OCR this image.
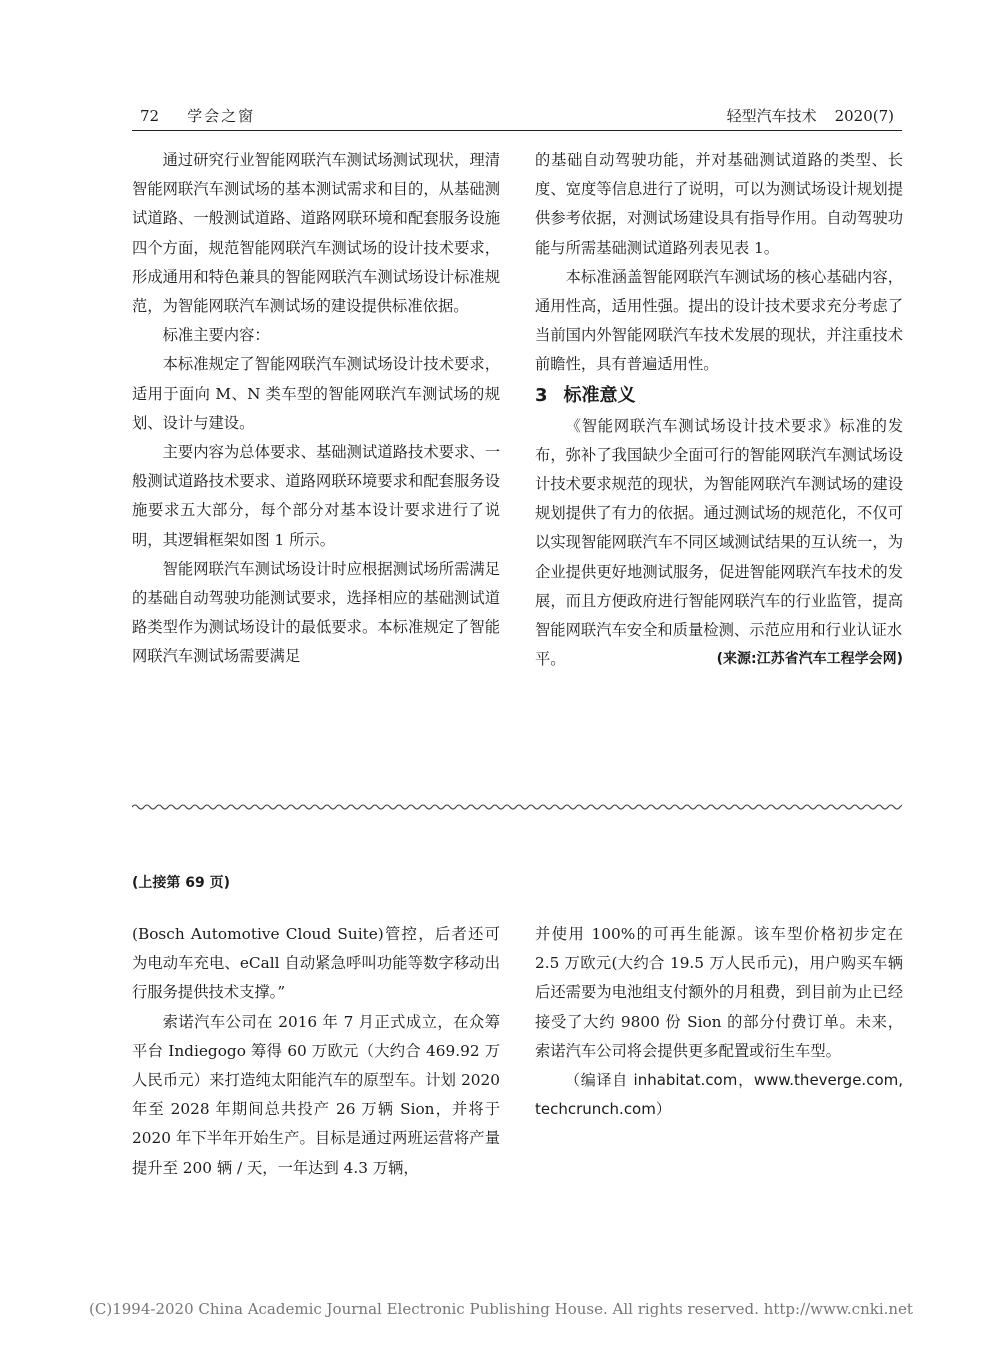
72 学会之窗	轻型汽车技术 2020(7)

通过研究行业智能网联汽车测试场测试现状，理清智能网联汽车测试场的基本测试需求和目的，从基础测试道路、一般测试道路、道路网联环境和配套服务设施四个方面，规范智能网联汽车测试场的设计技术要求，形成通用和特色兼具的智能网联汽车测试场设计标准规范，为智能网联汽车测试场的建设提供标准依据。

标准主要内容：

本标准规定了智能网联汽车测试场设计技术要求，适用于面向 M、N 类车型的智能网联汽车测试场的规划、设计与建设。

主要内容为总体要求、基础测试道路技术要求、一般测试道路技术要求、道路网联环境要求和配套服务设施要求五大部分，每个部分对基本设计要求进行了说明，其逻辑框架如图 1 所示。

智能网联汽车测试场设计时应根据测试场所需满足的基础自动驾驶功能测试要求，选择相应的基础测试道路类型作为测试场设计的最低要求。本标准规定了智能网联汽车测试场需要满足

的基础自动驾驶功能，并对基础测试道路的类型、长度、宽度等信息进行了说明，可以为测试场设计规划提供参考依据，对测试场建设具有指导作用。自动驾驶功能与所需基础测试道路列表见表 1。

本标准涵盖智能网联汽车测试场的核心基础内容，通用性高，适用性强。提出的设计技术要求充分考虑了当前国内外智能网联汽车技术发展的现状，并注重技术前瞻性，具有普遍适用性。

3 标准意义

《智能网联汽车测试场设计技术要求》标准的发布，弥补了我国缺少全面可行的智能网联汽车测试场设计技术要求规范的现状，为智能网联汽车测试场的建设规划提供了有力的依据。通过测试场的规范化，不仅可以实现智能网联汽车不同区域测试结果的互认统一，为企业提供更好地测试服务，促进智能网联汽车技术的发展，而且方便政府进行智能网联汽车的行业监管，提高智能网联汽车安全和质量检测、示范应用和行业认证水

平。	(来源:江苏省汽车工程学会网)

(上接第 69 页)

(Bosch Automotive Cloud Suite)管控，后者还可为电动车充电、eCall 自动紧急呼叫功能等数字移动出行服务提供技术支撑。”

索诺汽车公司在 2016 年 7 月正式成立，在众筹平台 Indiegogo 筹得 60 万欧元（大约合 469.92 万人民币元）来打造纯太阳能汽车的原型车。计划 2020 年至 2028 年期间总共投产 26 万辆 Sion，并将于 2020 年下半年开始生产。目标是通过两班运营将产量提升至 200 辆 / 天，一年达到 4.3 万辆，

并使用 100%的可再生能源。该车型价格初步定在 2.5 万欧元(大约合 19.5 万人民币元)，用户购买车辆后还需要为电池组支付额外的月租费，到目前为止已经接受了大约 9800 份 Sion 的部分付费订单。未来，索诺汽车公司将会提供更多配置或衍生车型。

（编译自 inhabitat.com，www.theverge.com, techcrunch.com）

(C)1994-2020 China Academic Journal Electronic Publishing House. All rights reserved. http://www.cnki.net
